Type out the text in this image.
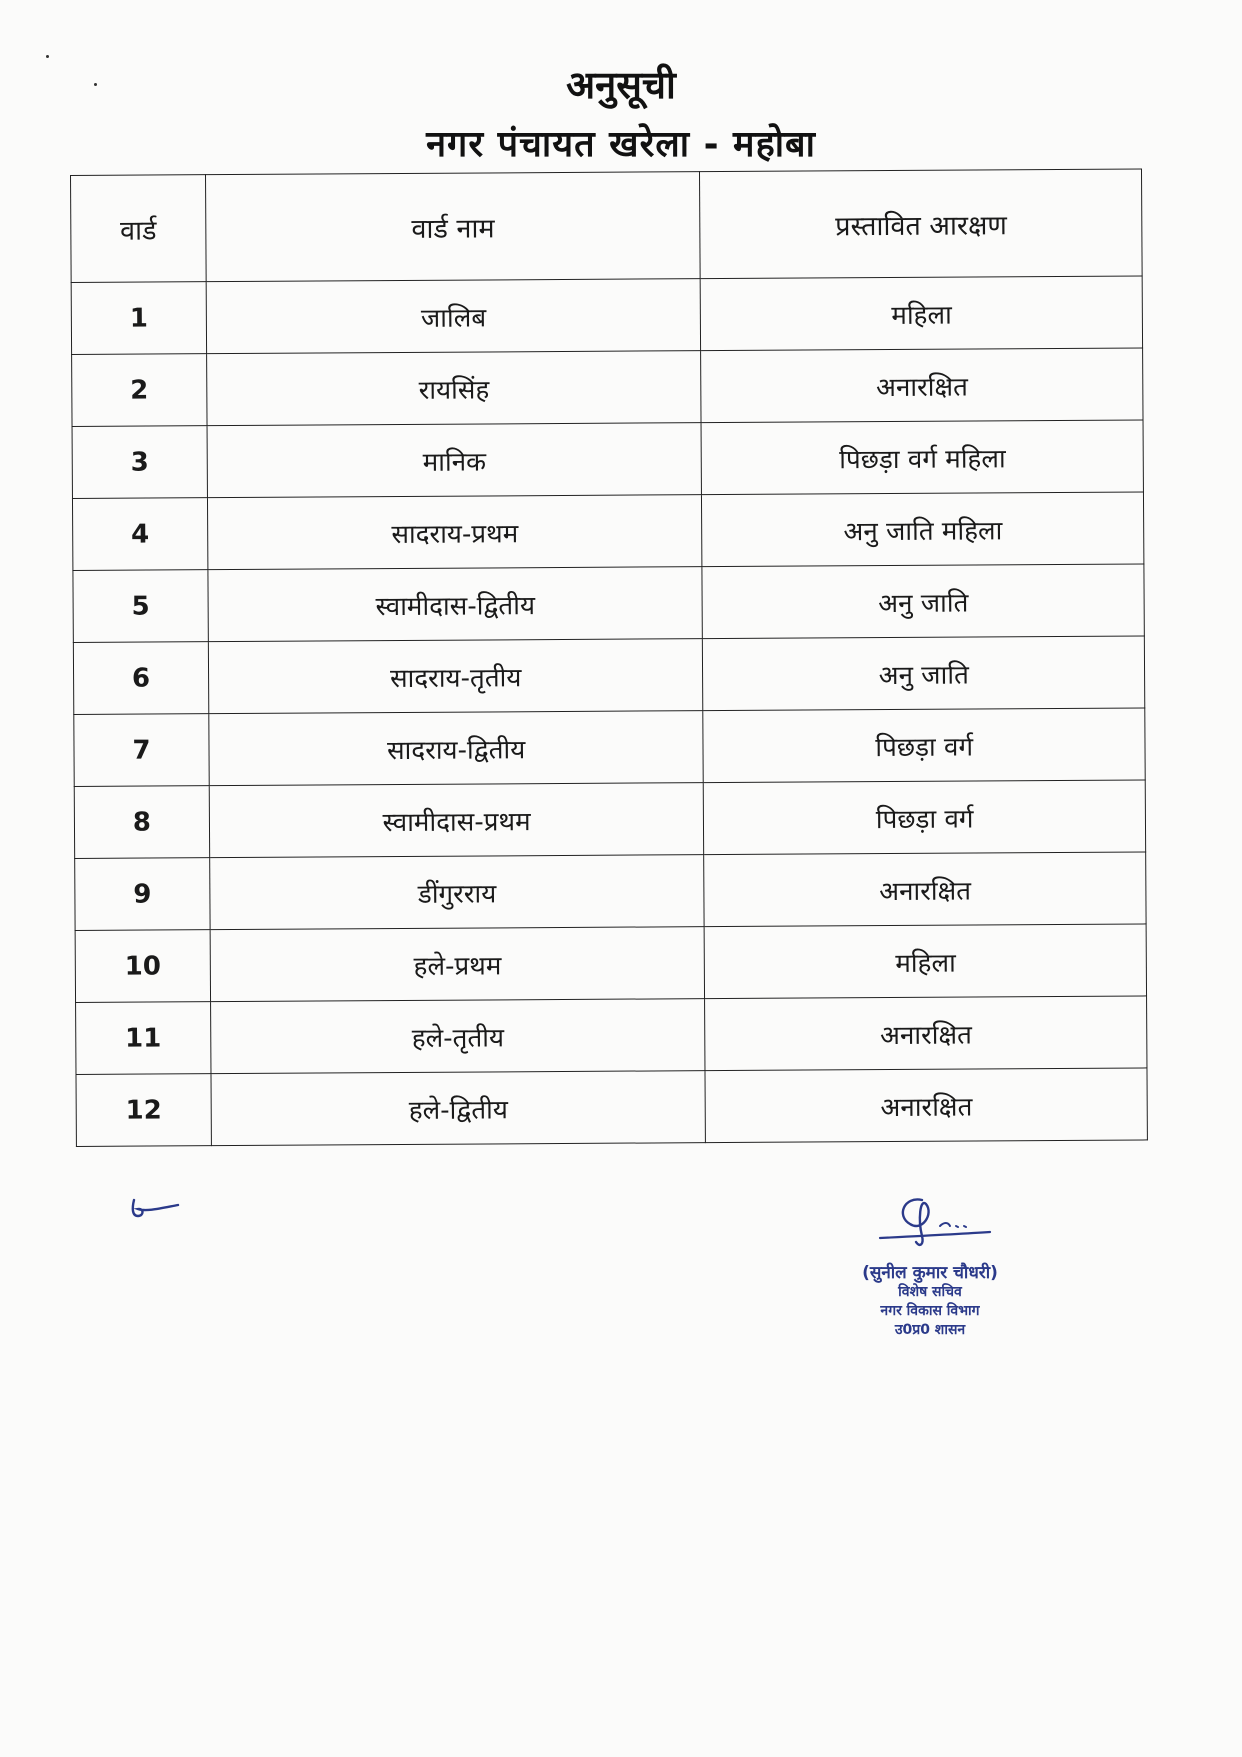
अनुसूची
नगर पंचायत खरेला - महोबा
वार्ड	वार्ड नाम	प्रस्तावित आरक्षण
1	जालिब	महिला
2	रायसिंह	अनारक्षित
3	मानिक	पिछड़ा वर्ग महिला
4	सादराय-प्रथम	अनु जाति महिला
5	स्वामीदास-द्वितीय	अनु जाति
6	सादराय-तृतीय	अनु जाति
7	सादराय-द्वितीय	पिछड़ा वर्ग
8	स्वामीदास-प्रथम	पिछड़ा वर्ग
9	डींगुरराय	अनारक्षित
10	हले-प्रथम	महिला
11	हले-तृतीय	अनारक्षित
12	हले-द्वितीय	अनारक्षित
(सुनील कुमार चौधरी)
विशेष सचिव
नगर विकास विभाग
उ0प्र0 शासन
